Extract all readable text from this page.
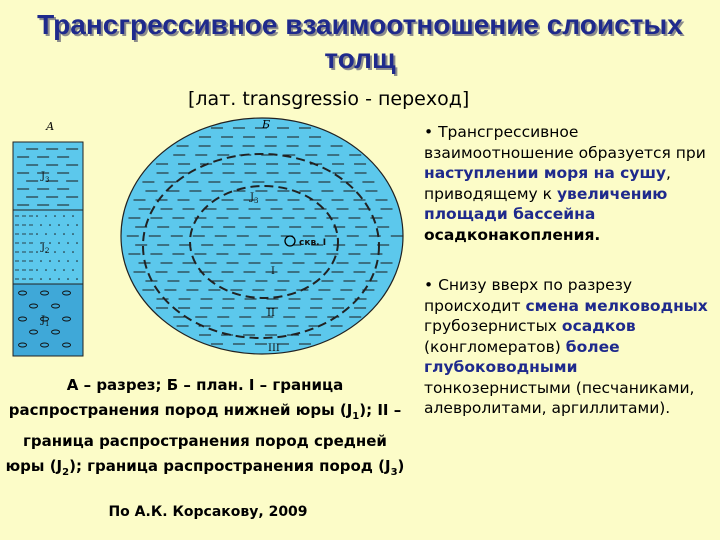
Трансгрессивное взаимоотношение слоистых толщ
[лат. transgressio - переход]
$J_3$
$J_2$
$J_1$
$J_3$
скв. I
I
II
III
А	Б	• Трансгрессивное взаимоотношение образуется при наступлении моря на сушу, приводящему к увеличению площади бассейна осадконакопления.

• Снизу вверх по разрезу происходит смена мелководных грубозернистых осадков (конгломератов) более глубоководными тонкозернистыми (песчаниками, алевролитами, аргиллитами).

А – разрез; Б – план. I – граница распространения пород нижней юры $(J_1)$; II – граница распространения пород средней юры $(J_2)$; граница распространения пород $(J_3)$
По А.К. Корсакову, 2009
